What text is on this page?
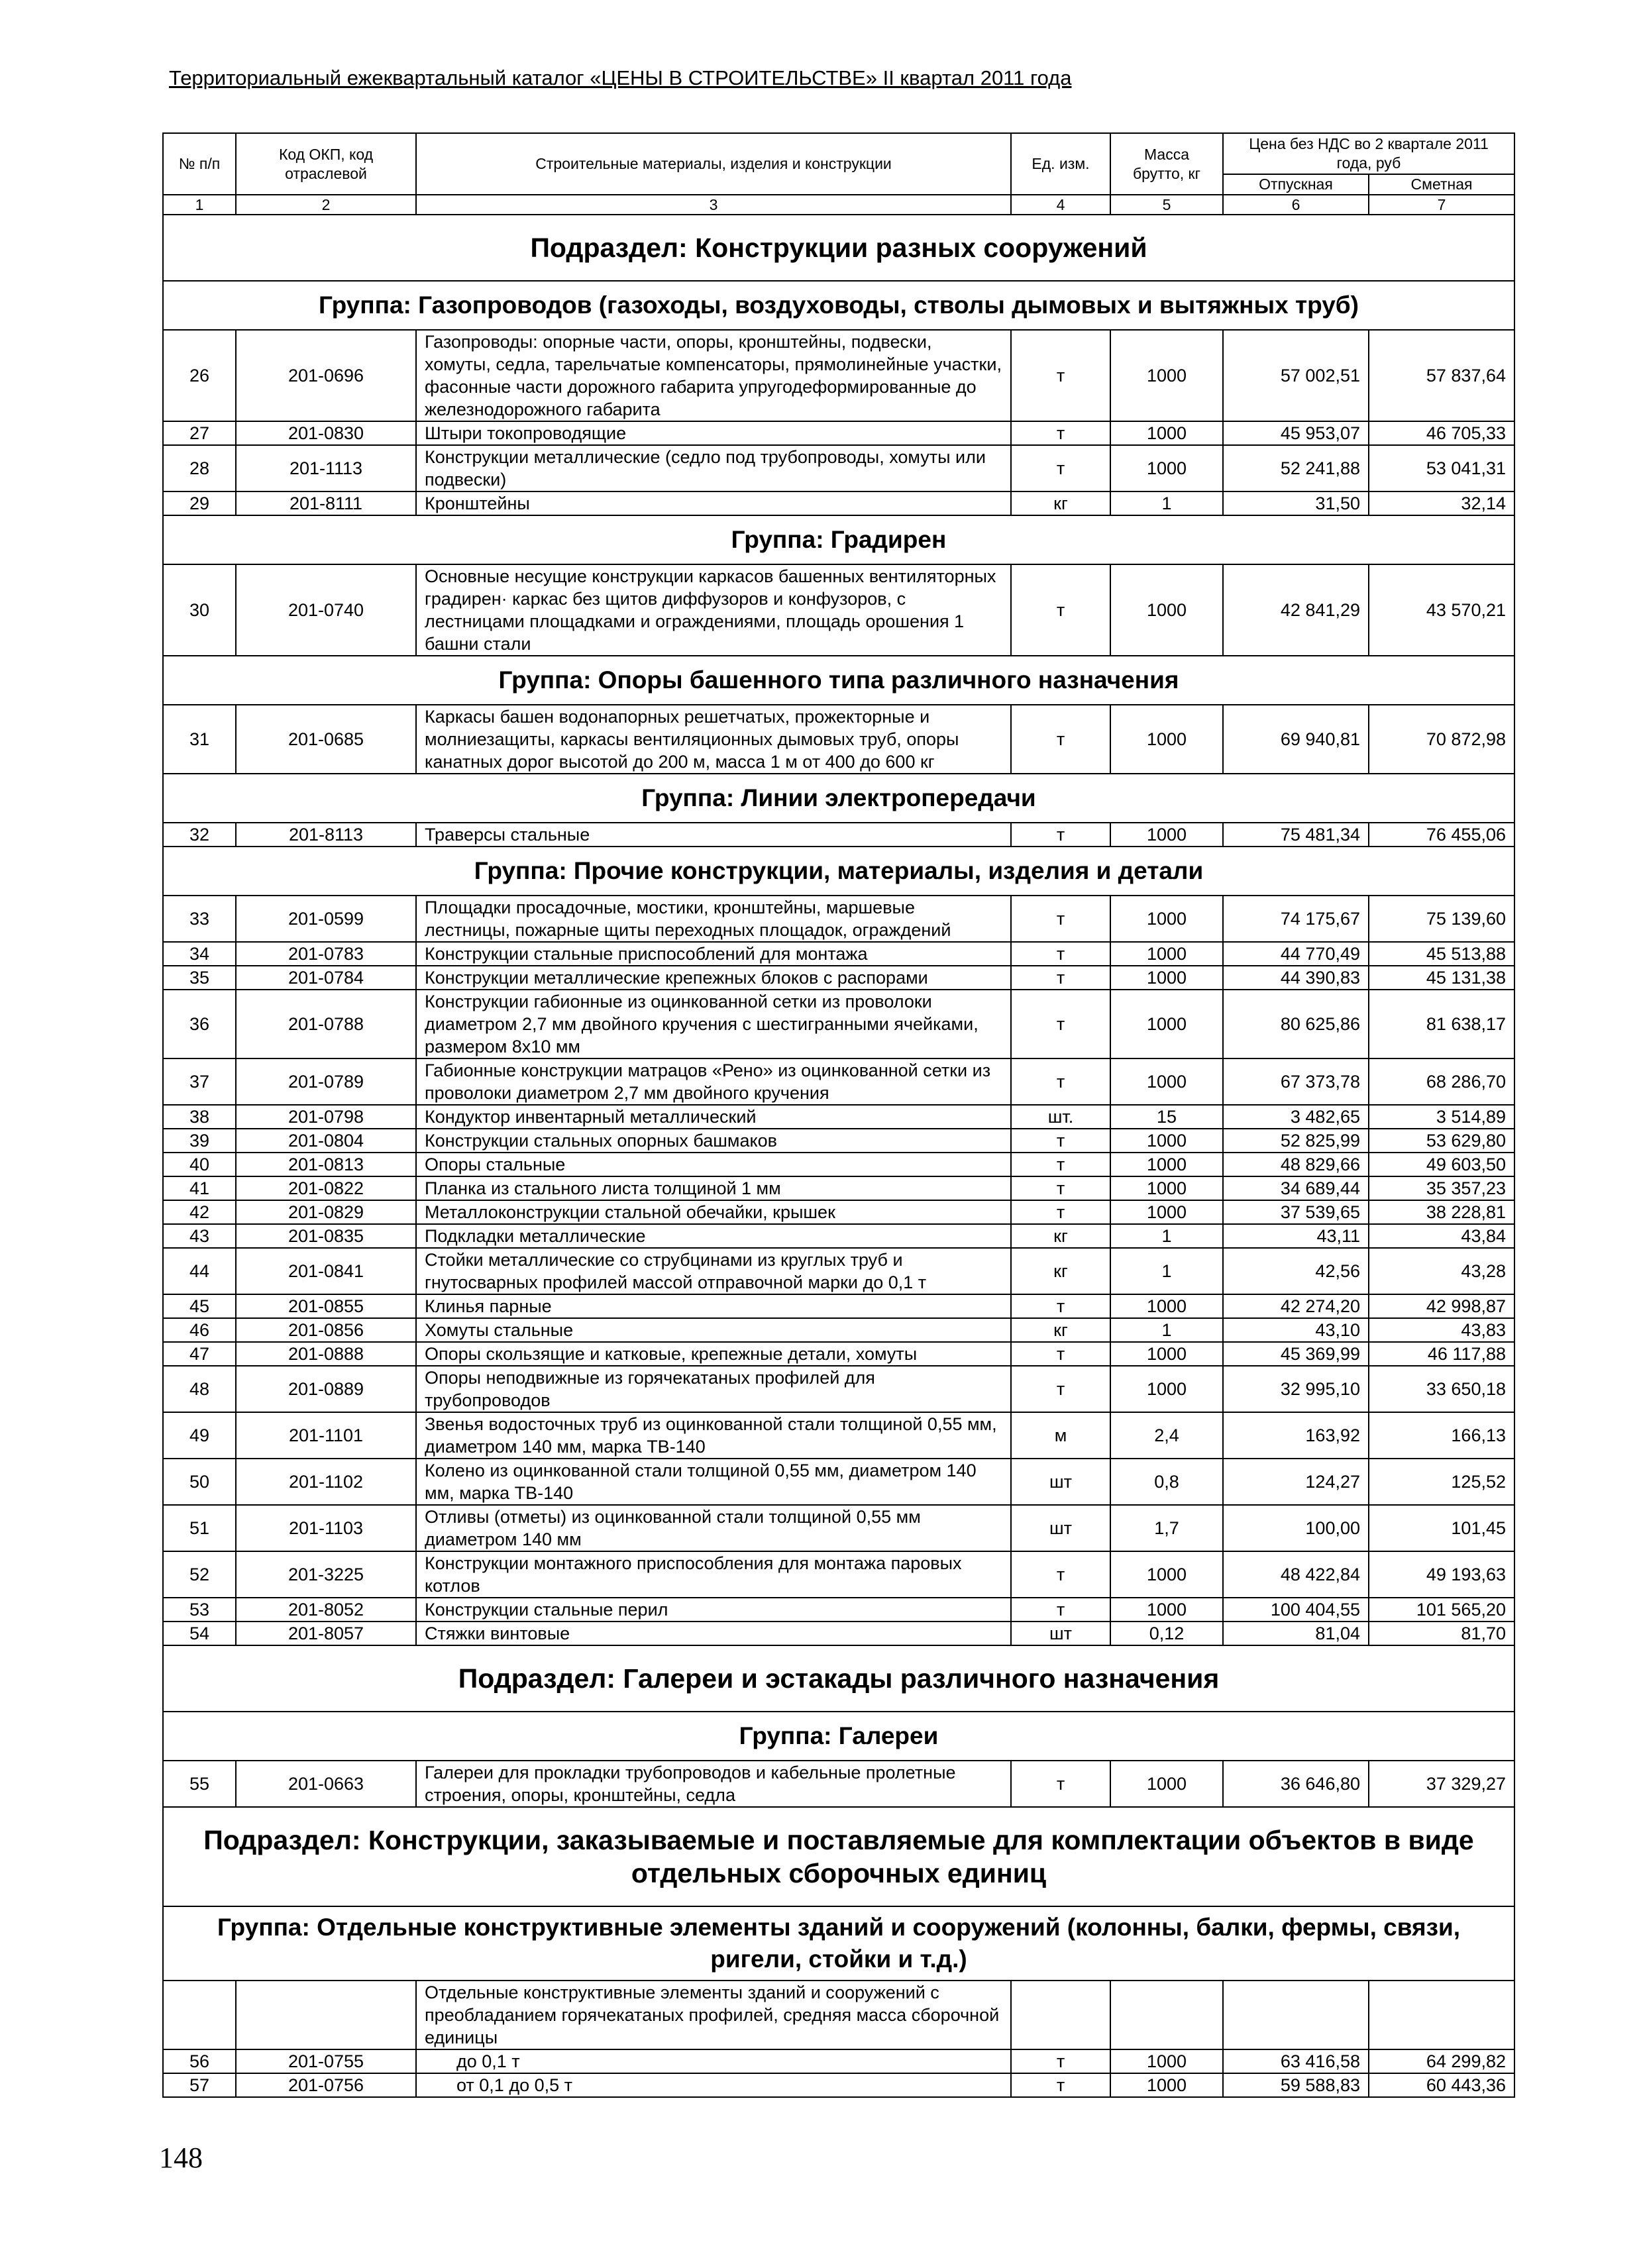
Территориальный ежеквартальный каталог «ЦЕНЫ В СТРОИТЕЛЬСТВЕ» II квартал 2011 года
№ п/п	Код ОКП, код отраслевой	Строительные материалы, изделия и конструкции	Ед. изм.	Масса брутто, кг	Цена без НДС во 2 квартале 2011 года, руб	
					Отпускная	Сметная
1	2	3	4	5	6	7
Подраздел: Конструкции разных сооружений						
Группа: Газопроводов (газоходы, воздуховоды, стволы дымовых и вытяжных труб)						
26	201-0696	Газопроводы: опорные части, опоры, кронштейны, подвески, хомуты, седла, тарельчатые компенсаторы, прямолинейные участки, фасонные части дорожного габарита упругодеформированные до железнодорожного габарита	т	1000	57 002,51	57 837,64
27	201-0830	Штыри токопроводящие	т	1000	45 953,07	46 705,33
28	201-1113	Конструкции металлические (седло под трубопроводы, хомуты или подвески)	т	1000	52 241,88	53 041,31
29	201-8111	Кронштейны	кг	1	31,50	32,14
Группа: Градирен						
30	201-0740	Основные несущие конструкции каркасов башенных вентиляторных градирен· каркас без щитов диффузоров и конфузоров, с лестницами площадками и ограждениями, площадь орошения 1 башни стали	т	1000	42 841,29	43 570,21
Группа: Опоры башенного типа различного назначения						
31	201-0685	Каркасы башен водонапорных решетчатых, прожекторные и молниезащиты, каркасы вентиляционных дымовых труб, опоры канатных дорог высотой до 200 м, масса 1 м от 400 до 600 кг	т	1000	69 940,81	70 872,98
Группа: Линии электропередачи						
32	201-8113	Траверсы стальные	т	1000	75 481,34	76 455,06
Группа: Прочие конструкции, материалы, изделия и детали						
33	201-0599	Площадки просадочные, мостики, кронштейны, маршевые лестницы, пожарные щиты переходных площадок, ограждений	т	1000	74 175,67	75 139,60
34	201-0783	Конструкции стальные приспособлений для монтажа	т	1000	44 770,49	45 513,88
35	201-0784	Конструкции металлические крепежных блоков с распорами	т	1000	44 390,83	45 131,38
36	201-0788	Конструкции габионные из оцинкованной сетки из проволоки диаметром 2,7 мм двойного кручения с шестигранными ячейками, размером 8х10 мм	т	1000	80 625,86	81 638,17
37	201-0789	Габионные конструкции матрацов «Рено» из оцинкованной сетки из проволоки диаметром 2,7 мм двойного кручения	т	1000	67 373,78	68 286,70
38	201-0798	Кондуктор инвентарный металлический	шт.	15	3 482,65	3 514,89
39	201-0804	Конструкции стальных опорных башмаков	т	1000	52 825,99	53 629,80
40	201-0813	Опоры стальные	т	1000	48 829,66	49 603,50
41	201-0822	Планка из стального листа толщиной 1 мм	т	1000	34 689,44	35 357,23
42	201-0829	Металлоконструкции стальной обечайки, крышек	т	1000	37 539,65	38 228,81
43	201-0835	Подкладки металлические	кг	1	43,11	43,84
44	201-0841	Стойки металлические со струбцинами из круглых труб и гнутосварных профилей массой отправочной марки до 0,1 т	кг	1	42,56	43,28
45	201-0855	Клинья парные	т	1000	42 274,20	42 998,87
46	201-0856	Хомуты стальные	кг	1	43,10	43,83
47	201-0888	Опоры скользящие и катковые, крепежные детали, хомуты	т	1000	45 369,99	46 117,88
48	201-0889	Опоры неподвижные из горячекатаных профилей для трубопроводов	т	1000	32 995,10	33 650,18
49	201-1101	Звенья водосточных труб из оцинкованной стали толщиной 0,55 мм, диаметром 140 мм, марка ТВ-140	м	2,4	163,92	166,13
50	201-1102	Колено из оцинкованной стали толщиной 0,55 мм, диаметром 140 мм, марка ТВ-140	шт	0,8	124,27	125,52
51	201-1103	Отливы (отметы) из оцинкованной стали толщиной 0,55 мм диаметром 140 мм	шт	1,7	100,00	101,45
52	201-3225	Конструкции монтажного приспособления для монтажа паровых котлов	т	1000	48 422,84	49 193,63
53	201-8052	Конструкции стальные перил	т	1000	100 404,55	101 565,20
54	201-8057	Стяжки винтовые	шт	0,12	81,04	81,70
Подраздел: Галереи и эстакады различного назначения						
Группа: Галереи						
55	201-0663	Галереи для прокладки трубопроводов и кабельные пролетные строения, опоры, кронштейны, седла	т	1000	36 646,80	37 329,27
Подраздел: Конструкции, заказываемые и поставляемые для комплектации объектов в виде отдельных сборочных единиц						
Группа: Отдельные конструктивные элементы зданий и сооружений (колонны, балки, фермы, связи, ригели, стойки и т.д.)						
		Отдельные конструктивные элементы зданий и сооружений с преобладанием горячекатаных профилей, средняя масса сборочной единицы				
56	201-0755	до 0,1 т	т	1000	63 416,58	64 299,82
57	201-0756	от 0,1 до 0,5 т	т	1000	59 588,83	60 443,36
148
